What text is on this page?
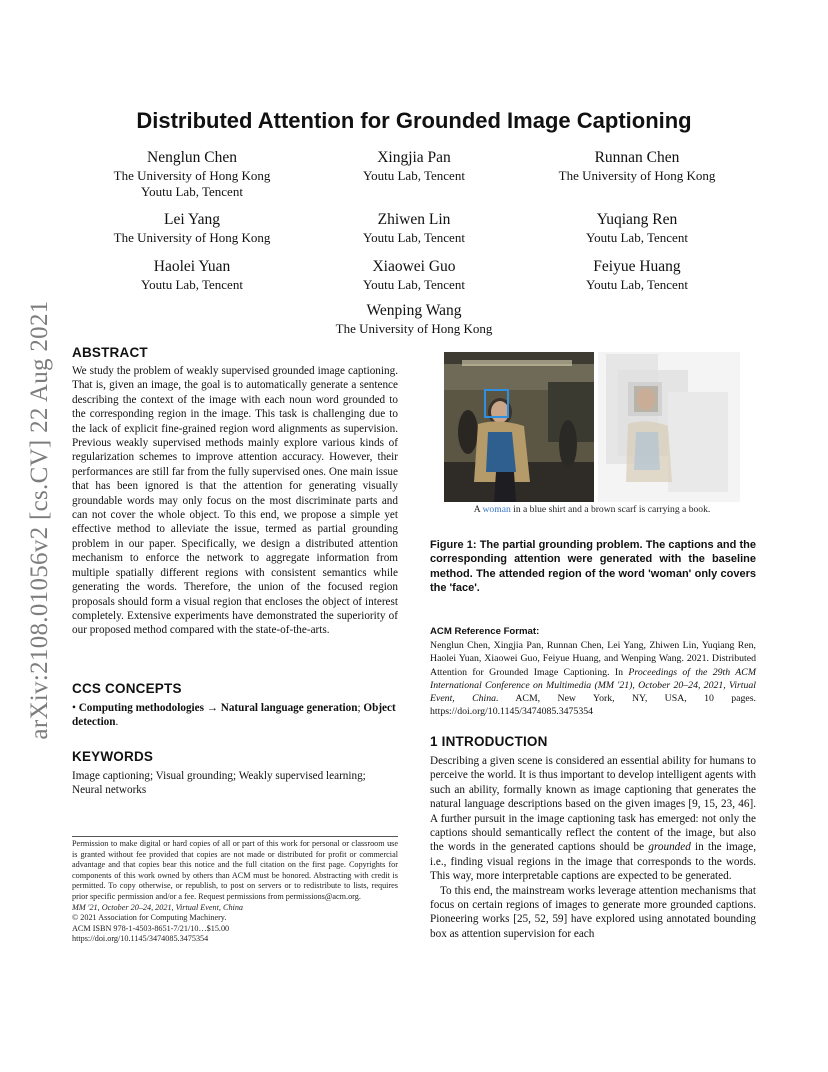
arXiv:2108.01056v2 [cs.CV] 22 Aug 2021
Distributed Attention for Grounded Image Captioning
Nenglun Chen
The University of Hong Kong
Youtu Lab, Tencent
Xingjia Pan
Youtu Lab, Tencent
Runnan Chen
The University of Hong Kong
Lei Yang
The University of Hong Kong
Zhiwen Lin
Youtu Lab, Tencent
Yuqiang Ren
Youtu Lab, Tencent
Haolei Yuan
Youtu Lab, Tencent
Xiaowei Guo
Youtu Lab, Tencent
Feiyue Huang
Youtu Lab, Tencent
Wenping Wang
The University of Hong Kong
ABSTRACT
We study the problem of weakly supervised grounded image captioning. That is, given an image, the goal is to automatically generate a sentence describing the context of the image with each noun word grounded to the corresponding region in the image. This task is challenging due to the lack of explicit fine-grained region word alignments as supervision. Previous weakly supervised methods mainly explore various kinds of regularization schemes to improve attention accuracy. However, their performances are still far from the fully supervised ones. One main issue that has been ignored is that the attention for generating visually groundable words may only focus on the most discriminate parts and can not cover the whole object. To this end, we propose a simple yet effective method to alleviate the issue, termed as partial grounding problem in our paper. Specifically, we design a distributed attention mechanism to enforce the network to aggregate information from multiple spatially different regions with consistent semantics while generating the words. Therefore, the union of the focused region proposals should form a visual region that encloses the object of interest completely. Extensive experiments have demonstrated the superiority of our proposed method compared with the state-of-the-arts.
CCS CONCEPTS
• Computing methodologies → Natural language generation; Object detection.
KEYWORDS
Image captioning; Visual grounding; Weakly supervised learning; Neural networks
Permission to make digital or hard copies of all or part of this work for personal or classroom use is granted without fee provided that copies are not made or distributed for profit or commercial advantage and that copies bear this notice and the full citation on the first page. Copyrights for components of this work owned by others than ACM must be honored. Abstracting with credit is permitted. To copy otherwise, or republish, to post on servers or to redistribute to lists, requires prior specific permission and/or a fee. Request permissions from permissions@acm.org.
MM '21, October 20–24, 2021, Virtual Event, China
© 2021 Association for Computing Machinery.
ACM ISBN 978-1-4503-8651-7/21/10…$15.00
https://doi.org/10.1145/3474085.3475354
A woman in a blue shirt and a brown scarf is carrying a book.
Figure 1: The partial grounding problem. The captions and the corresponding attention were generated with the baseline method. The attended region of the word 'woman' only covers the 'face'.
ACM Reference Format:
Nenglun Chen, Xingjia Pan, Runnan Chen, Lei Yang, Zhiwen Lin, Yuqiang Ren, Haolei Yuan, Xiaowei Guo, Feiyue Huang, and Wenping Wang. 2021. Distributed Attention for Grounded Image Captioning. In Proceedings of the 29th ACM International Conference on Multimedia (MM '21), October 20–24, 2021, Virtual Event, China. ACM, New York, NY, USA, 10 pages. https://doi.org/10.1145/3474085.3475354
1 INTRODUCTION
Describing a given scene is considered an essential ability for humans to perceive the world. It is thus important to develop intelligent agents with such an ability, formally known as image captioning that generates the natural language descriptions based on the given images [9, 15, 23, 46]. A further pursuit in the image captioning task has emerged: not only the captions should semantically reflect the content of the image, but also the words in the generated captions should be grounded in the image, i.e., finding visual regions in the image that corresponds to the words. This way, more interpretable captions are expected to be generated.
To this end, the mainstream works leverage attention mechanisms that focus on certain regions of images to generate more grounded captions. Pioneering works [25, 52, 59] have explored using annotated bounding box as attention supervision for each
